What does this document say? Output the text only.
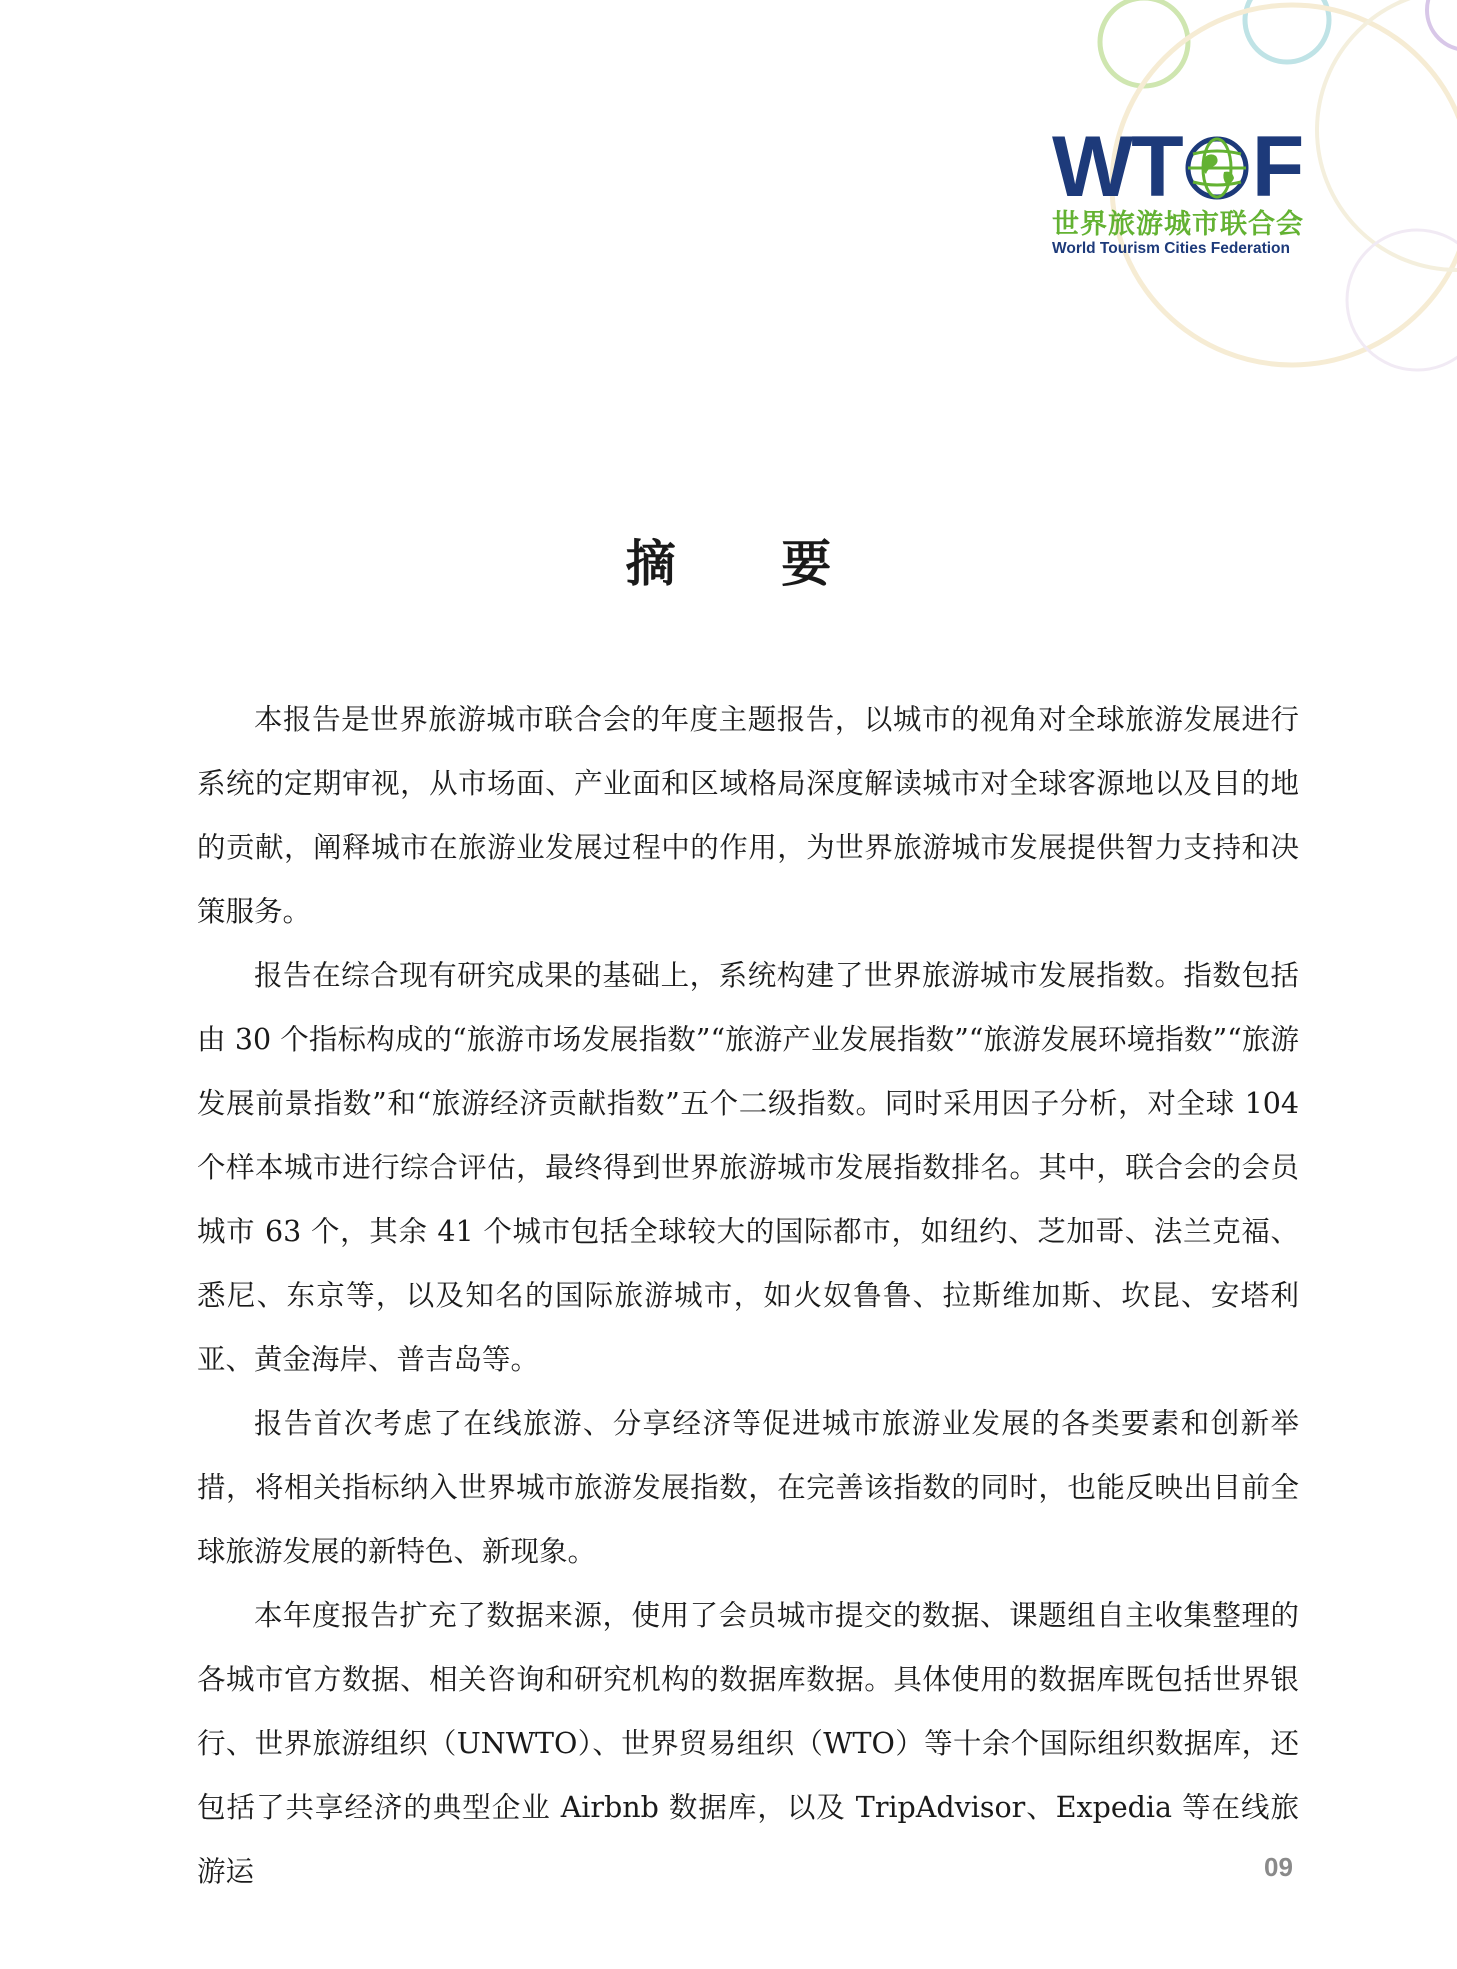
WT F
世界旅游城市联合会
World Tourism Cities Federation
摘 要

本报告是世界旅游城市联合会的年度主题报告，以城市的视角对全球旅游发展进行系统的定期审视，从市场面、产业面和区域格局深度解读城市对全球客源地以及目的地的贡献，阐释城市在旅游业发展过程中的作用，为世界旅游城市发展提供智力支持和决策服务。

报告在综合现有研究成果的基础上，系统构建了世界旅游城市发展指数。指数包括由 30 个指标构成的“旅游市场发展指数”“旅游产业发展指数”“旅游发展环境指数”“旅游发展前景指数”和“旅游经济贡献指数”五个二级指数。同时采用因子分析，对全球 104 个样本城市进行综合评估，最终得到世界旅游城市发展指数排名。其中，联合会的会员城市 63 个，其余 41 个城市包括全球较大的国际都市，如纽约、芝加哥、法兰克福、悉尼、东京等，以及知名的国际旅游城市，如火奴鲁鲁、拉斯维加斯、坎昆、安塔利亚、黄金海岸、普吉岛等。

报告首次考虑了在线旅游、分享经济等促进城市旅游业发展的各类要素和创新举措，将相关指标纳入世界城市旅游发展指数，在完善该指数的同时，也能反映出目前全球旅游发展的新特色、新现象。

本年度报告扩充了数据来源，使用了会员城市提交的数据、课题组自主收集整理的各城市官方数据、相关咨询和研究机构的数据库数据。具体使用的数据库既包括世界银行、世界旅游组织（UNWTO）、世界贸易组织（WTO）等十余个国际组织数据库，还包括了共享经济的典型企业 Airbnb 数据库，以及 TripAdvisor、Expedia 等在线旅游运	09
